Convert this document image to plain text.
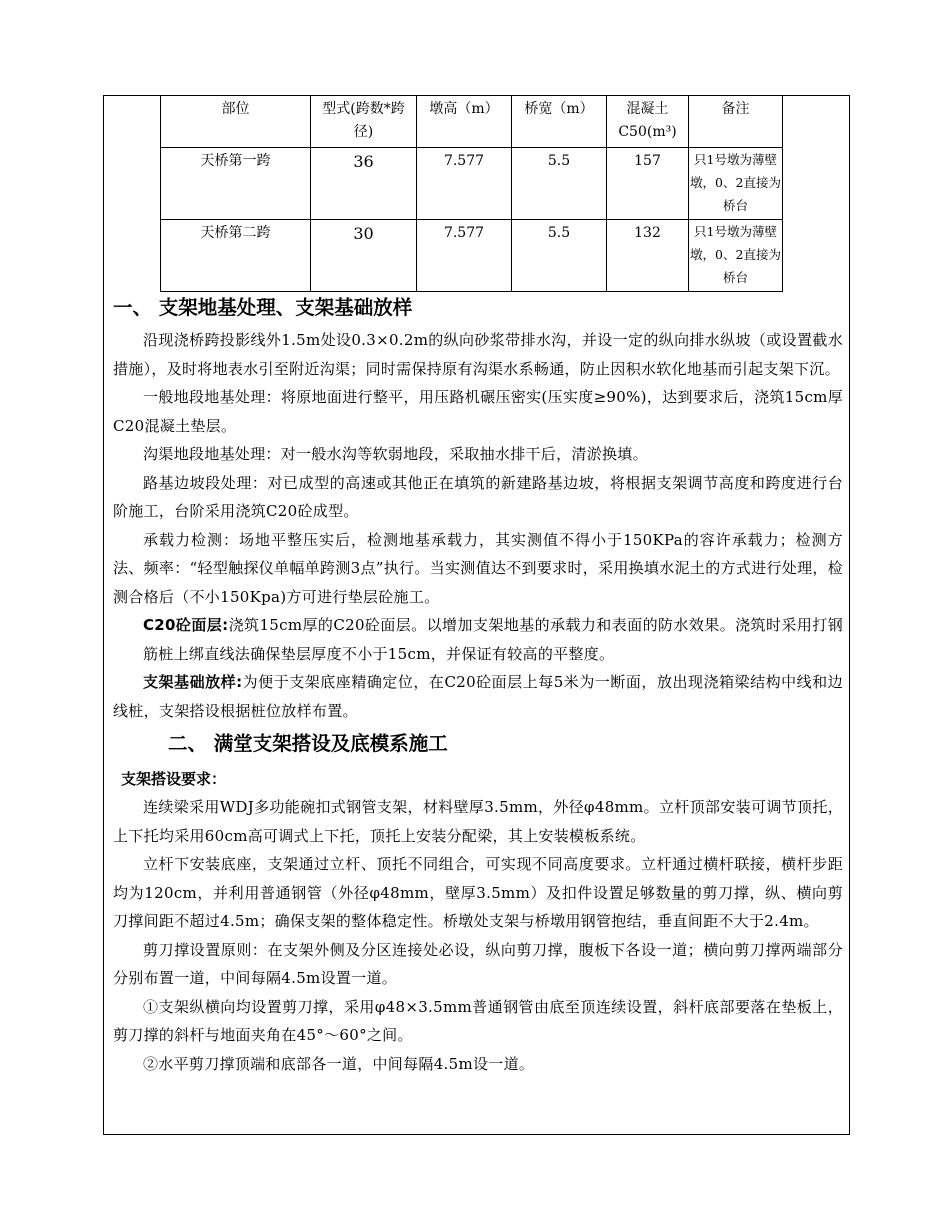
部位	型式(跨数*跨径)	墩高（m）	桥宽（m）	混凝土C50(m³)	备注
天桥第一跨	36	7.577	5.5	157	只1号墩为薄壁墩，0、2直接为桥台
天桥第二跨	30	7.577	5.5	132	只1号墩为薄壁墩，0、2直接为桥台
一、 支架地基处理、支架基础放样

沿现浇桥跨投影线外1.5m处设0.3×0.2m的纵向砂浆带排水沟，并设一定的纵向排水纵坡（或设置截水措施），及时将地表水引至附近沟渠；同时需保持原有沟渠水系畅通，防止因积水软化地基而引起支架下沉。

一般地段地基处理：将原地面进行整平，用压路机碾压密实(压实度≥90%)，达到要求后，浇筑15cm厚C20混凝土垫层。

沟渠地段地基处理：对一般水沟等软弱地段，采取抽水排干后，清淤换填。

路基边坡段处理：对已成型的高速或其他正在填筑的新建路基边坡，将根据支架调节高度和跨度进行台阶施工，台阶采用浇筑C20砼成型。

承载力检测：场地平整压实后，检测地基承载力，其实测值不得小于150KPa的容许承载力；检测方法、频率：“轻型触探仪单幅单跨测3点”执行。当实测值达不到要求时，采用换填水泥土的方式进行处理，检测合格后（不小150Kpa)方可进行垫层砼施工。

C20砼面层:浇筑15cm厚的C20砼面层。以增加支架地基的承载力和表面的防水效果。浇筑时采用打钢筋桩上绑直线法确保垫层厚度不小于15cm，并保证有较高的平整度。

支架基础放样:为便于支架底座精确定位，在C20砼面层上每5米为一断面，放出现浇箱梁结构中线和边线桩，支架搭设根据桩位放样布置。

二、 满堂支架搭设及底模系施工
支架搭设要求：

连续梁采用WDJ多功能碗扣式钢管支架，材料壁厚3.5mm，外径φ48mm。立杆顶部安装可调节顶托，上下托均采用60cm高可调式上下托，顶托上安装分配梁，其上安装模板系统。

立杆下安装底座，支架通过立杆、顶托不同组合，可实现不同高度要求。立杆通过横杆联接，横杆步距均为120cm，并利用普通钢管（外径φ48mm，壁厚3.5mm）及扣件设置足够数量的剪刀撑，纵、横向剪刀撑间距不超过4.5m；确保支架的整体稳定性。桥墩处支架与桥墩用钢管抱结，垂直间距不大于2.4m。

剪刀撑设置原则：在支架外侧及分区连接处必设，纵向剪刀撑，腹板下各设一道；横向剪刀撑两端部分分别布置一道，中间每隔4.5m设置一道。

①支架纵横向均设置剪刀撑，采用φ48×3.5mm普通钢管由底至顶连续设置，斜杆底部要落在垫板上，剪刀撑的斜杆与地面夹角在45°～60°之间。

②水平剪刀撑顶端和底部各一道，中间每隔4.5m设一道。
